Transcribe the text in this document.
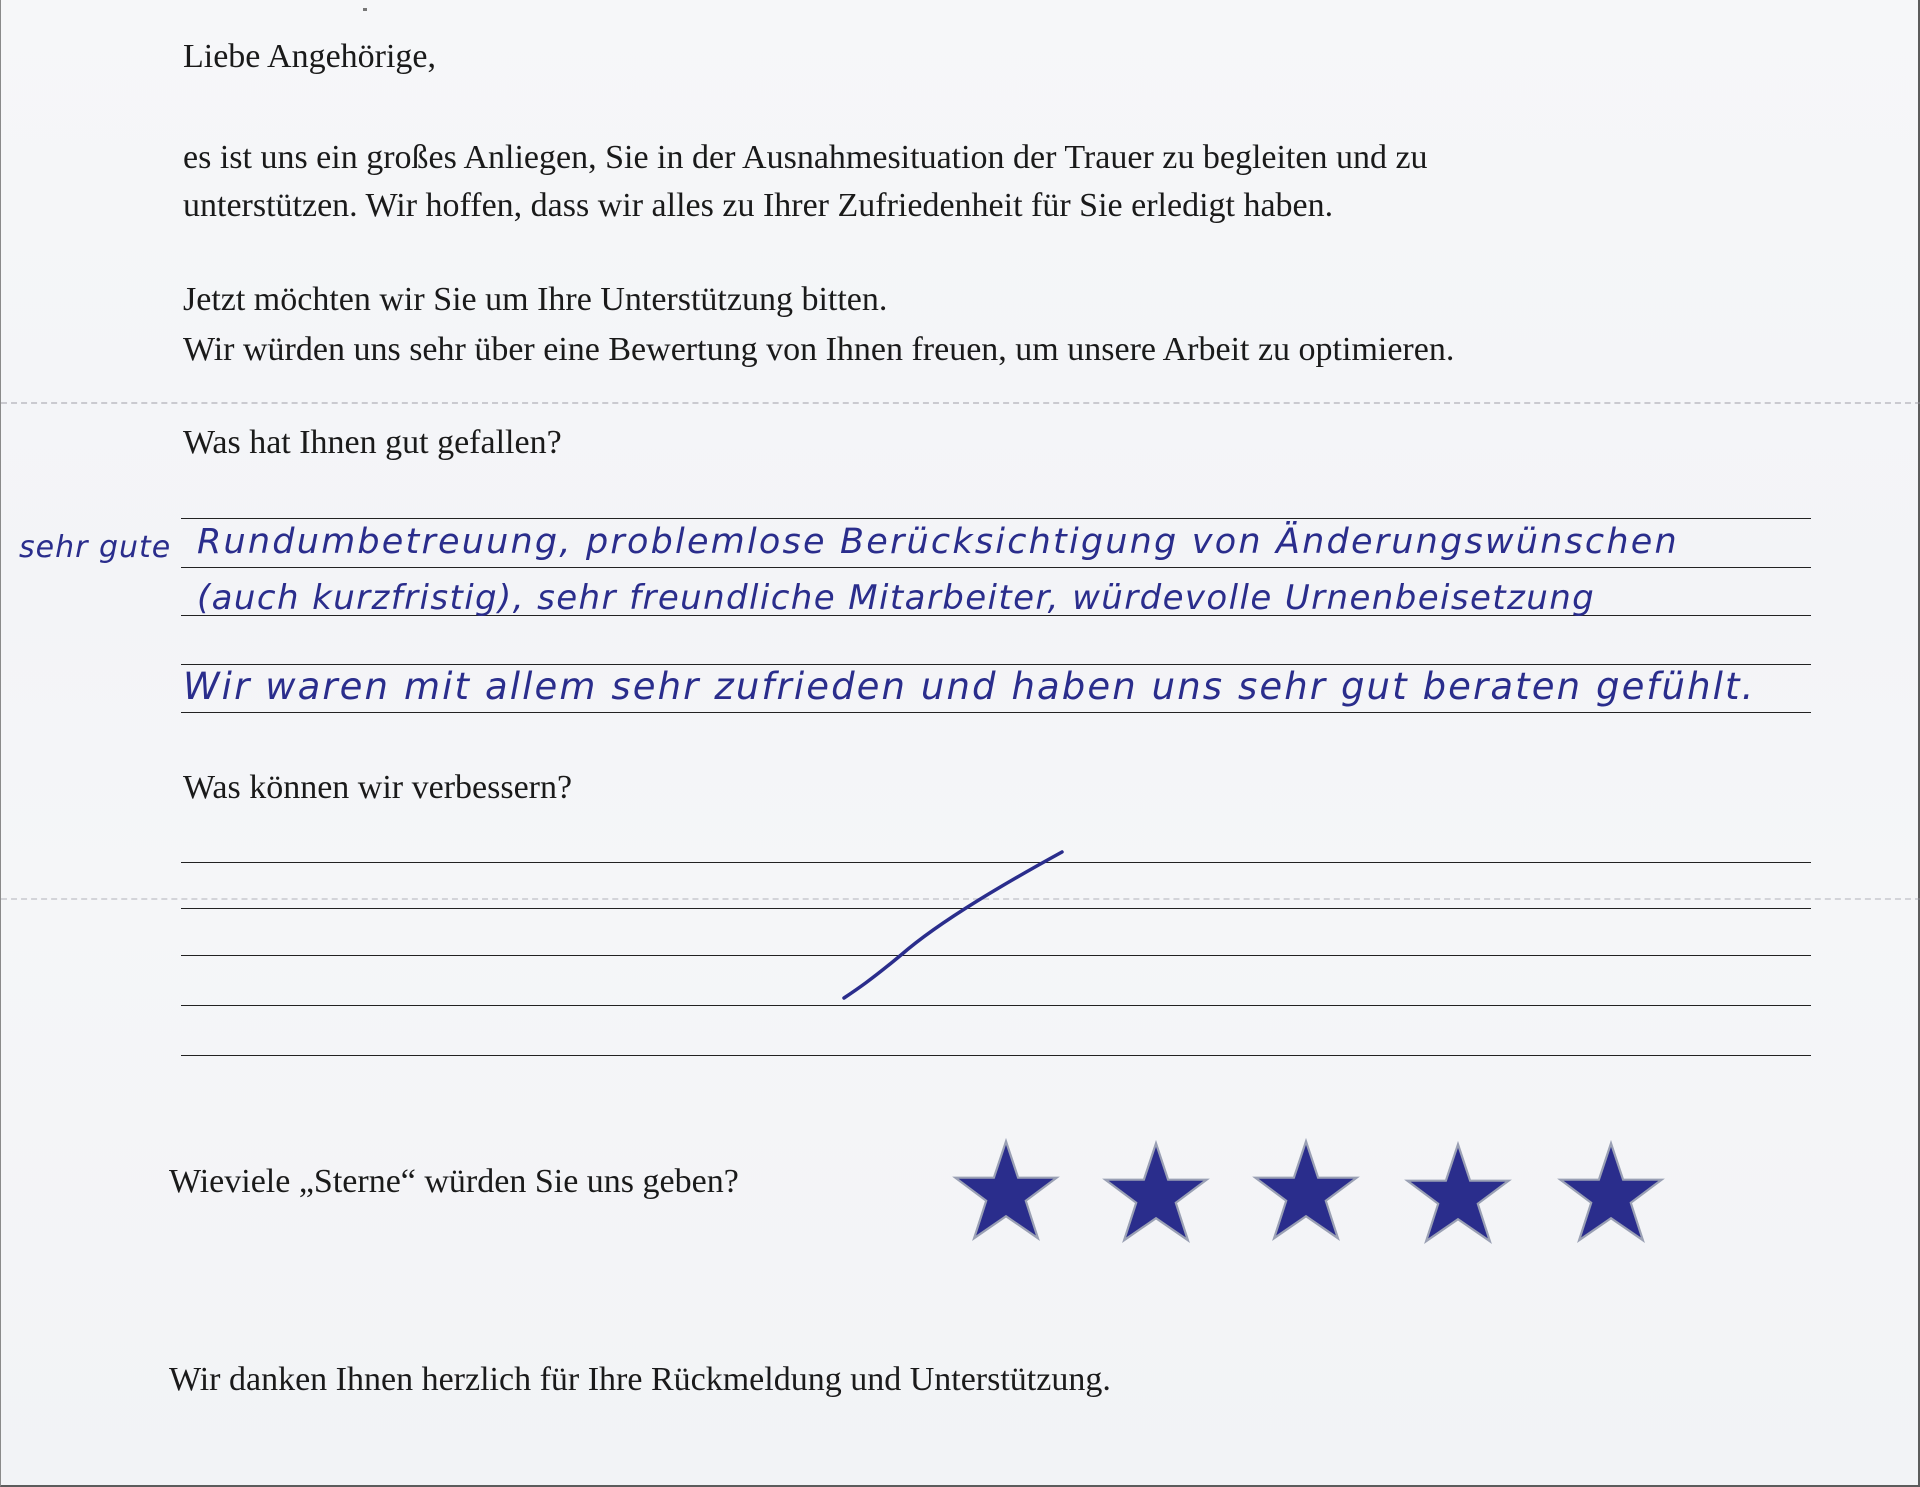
Liebe Angehörige,

es ist uns ein großes Anliegen, Sie in der Ausnahmesituation der Trauer zu begleiten und zu

unterstützen. Wir hoffen, dass wir alles zu Ihrer Zufriedenheit für Sie erledigt haben.

Jetzt möchten wir Sie um Ihre Unterstützung bitten.

Wir würden uns sehr über eine Bewertung von Ihnen freuen, um unsere Arbeit zu optimieren.

Was hat Ihnen gut gefallen?

sehr gute Rundumbetreuung, problemlose Berücksichtigung von Änderungswünschen
(auch kurzfristig), sehr freundliche Mitarbeiter, würdevolle Urnenbeisetzung
Wir waren mit allem sehr zufrieden und haben uns sehr gut beraten gefühlt.

Was können wir verbessern?

Wieviele „Sterne“ würden Sie uns geben?

Wir danken Ihnen herzlich für Ihre Rückmeldung und Unterstützung.
